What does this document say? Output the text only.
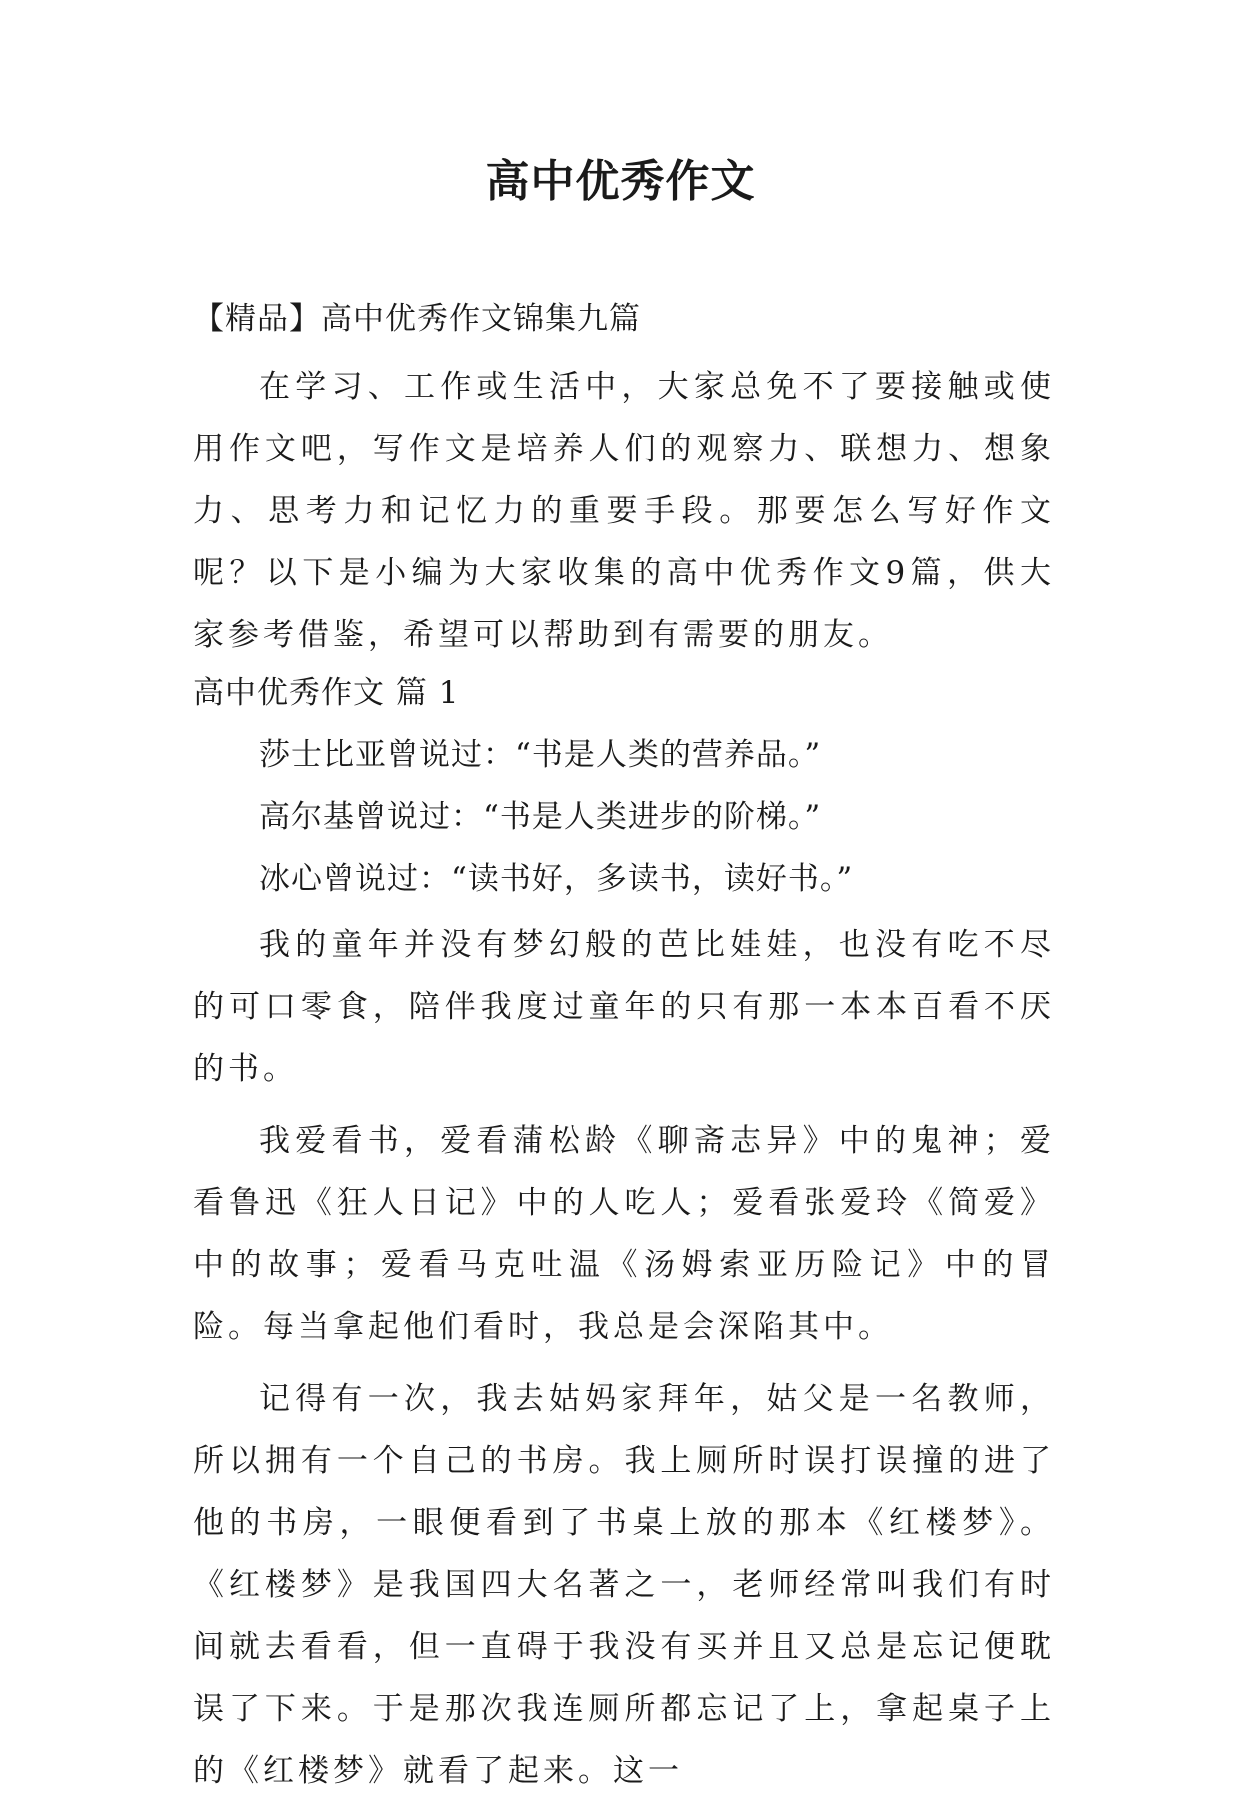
高中优秀作文

【精品】高中优秀作文锦集九篇

在学习、工作或生活中，大家总免不了要接触或使用作文吧，写作文是培养人们的观察力、联想力、想象力、思考力和记忆力的重要手段。那要怎么写好作文呢？以下是小编为大家收集的高中优秀作文9篇，供大家参考借鉴，希望可以帮助到有需要的朋友。

高中优秀作文 篇 1

莎士比亚曾说过：“书是人类的营养品。”

高尔基曾说过：“书是人类进步的阶梯。”

冰心曾说过：“读书好，多读书，读好书。”

我的童年并没有梦幻般的芭比娃娃，也没有吃不尽的可口零食，陪伴我度过童年的只有那一本本百看不厌的书。

我爱看书，爱看蒲松龄《聊斋志异》中的鬼神；爱看鲁迅《狂人日记》中的人吃人；爱看张爱玲《简爱》中的故事；爱看马克吐温《汤姆索亚历险记》中的冒险。每当拿起他们看时，我总是会深陷其中。

记得有一次，我去姑妈家拜年，姑父是一名教师，所以拥有一个自己的书房。我上厕所时误打误撞的进了他的书房，一眼便看到了书桌上放的那本《红楼梦》。《红楼梦》是我国四大名著之一，老师经常叫我们有时间就去看看，但一直碍于我没有买并且又总是忘记便耽误了下来。于是那次我连厕所都忘记了上，拿起桌子上的《红楼梦》就看了起来。这一
